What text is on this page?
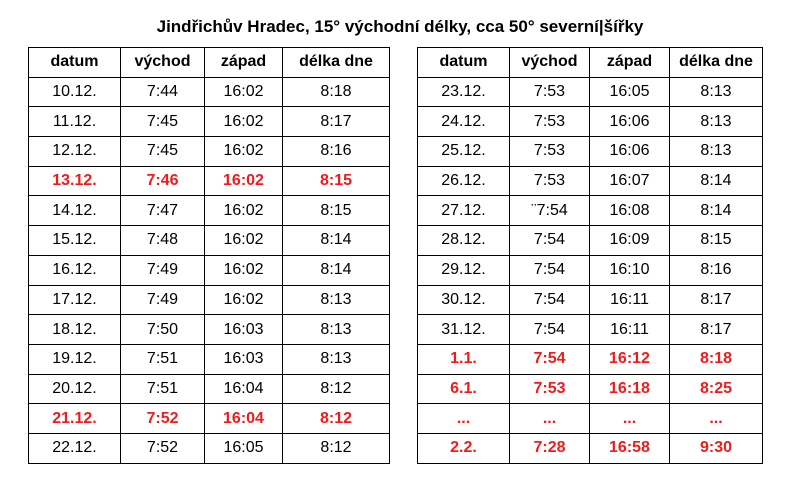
Jindřichův Hradec, 15° východní délky, cca 50° severní|šířky
datum	východ	západ	délka dne
10.12.	7:44	16:02	8:18
11.12.	7:45	16:02	8:17
12.12.	7:45	16:02	8:16
13.12.	7:46	16:02	8:15
14.12.	7:47	16:02	8:15
15.12.	7:48	16:02	8:14
16.12.	7:49	16:02	8:14
17.12.	7:49	16:02	8:13
18.12.	7:50	16:03	8:13
19.12.	7:51	16:03	8:13
20.12.	7:51	16:04	8:12
21.12.	7:52	16:04	8:12
22.12.	7:52	16:05	8:12
datum	východ	západ	délka dne
23.12.	7:53	16:05	8:13
24.12.	7:53	16:06	8:13
25.12.	7:53	16:06	8:13
26.12.	7:53	16:07	8:14
27.12.	¨7:54	16:08	8:14
28.12.	7:54	16:09	8:15
29.12.	7:54	16:10	8:16
30.12.	7:54	16:11	8:17
31.12.	7:54	16:11	8:17
1.1.	7:54	16:12	8:18
6.1.	7:53	16:18	8:25
...	...	...	...
2.2.	7:28	16:58	9:30
